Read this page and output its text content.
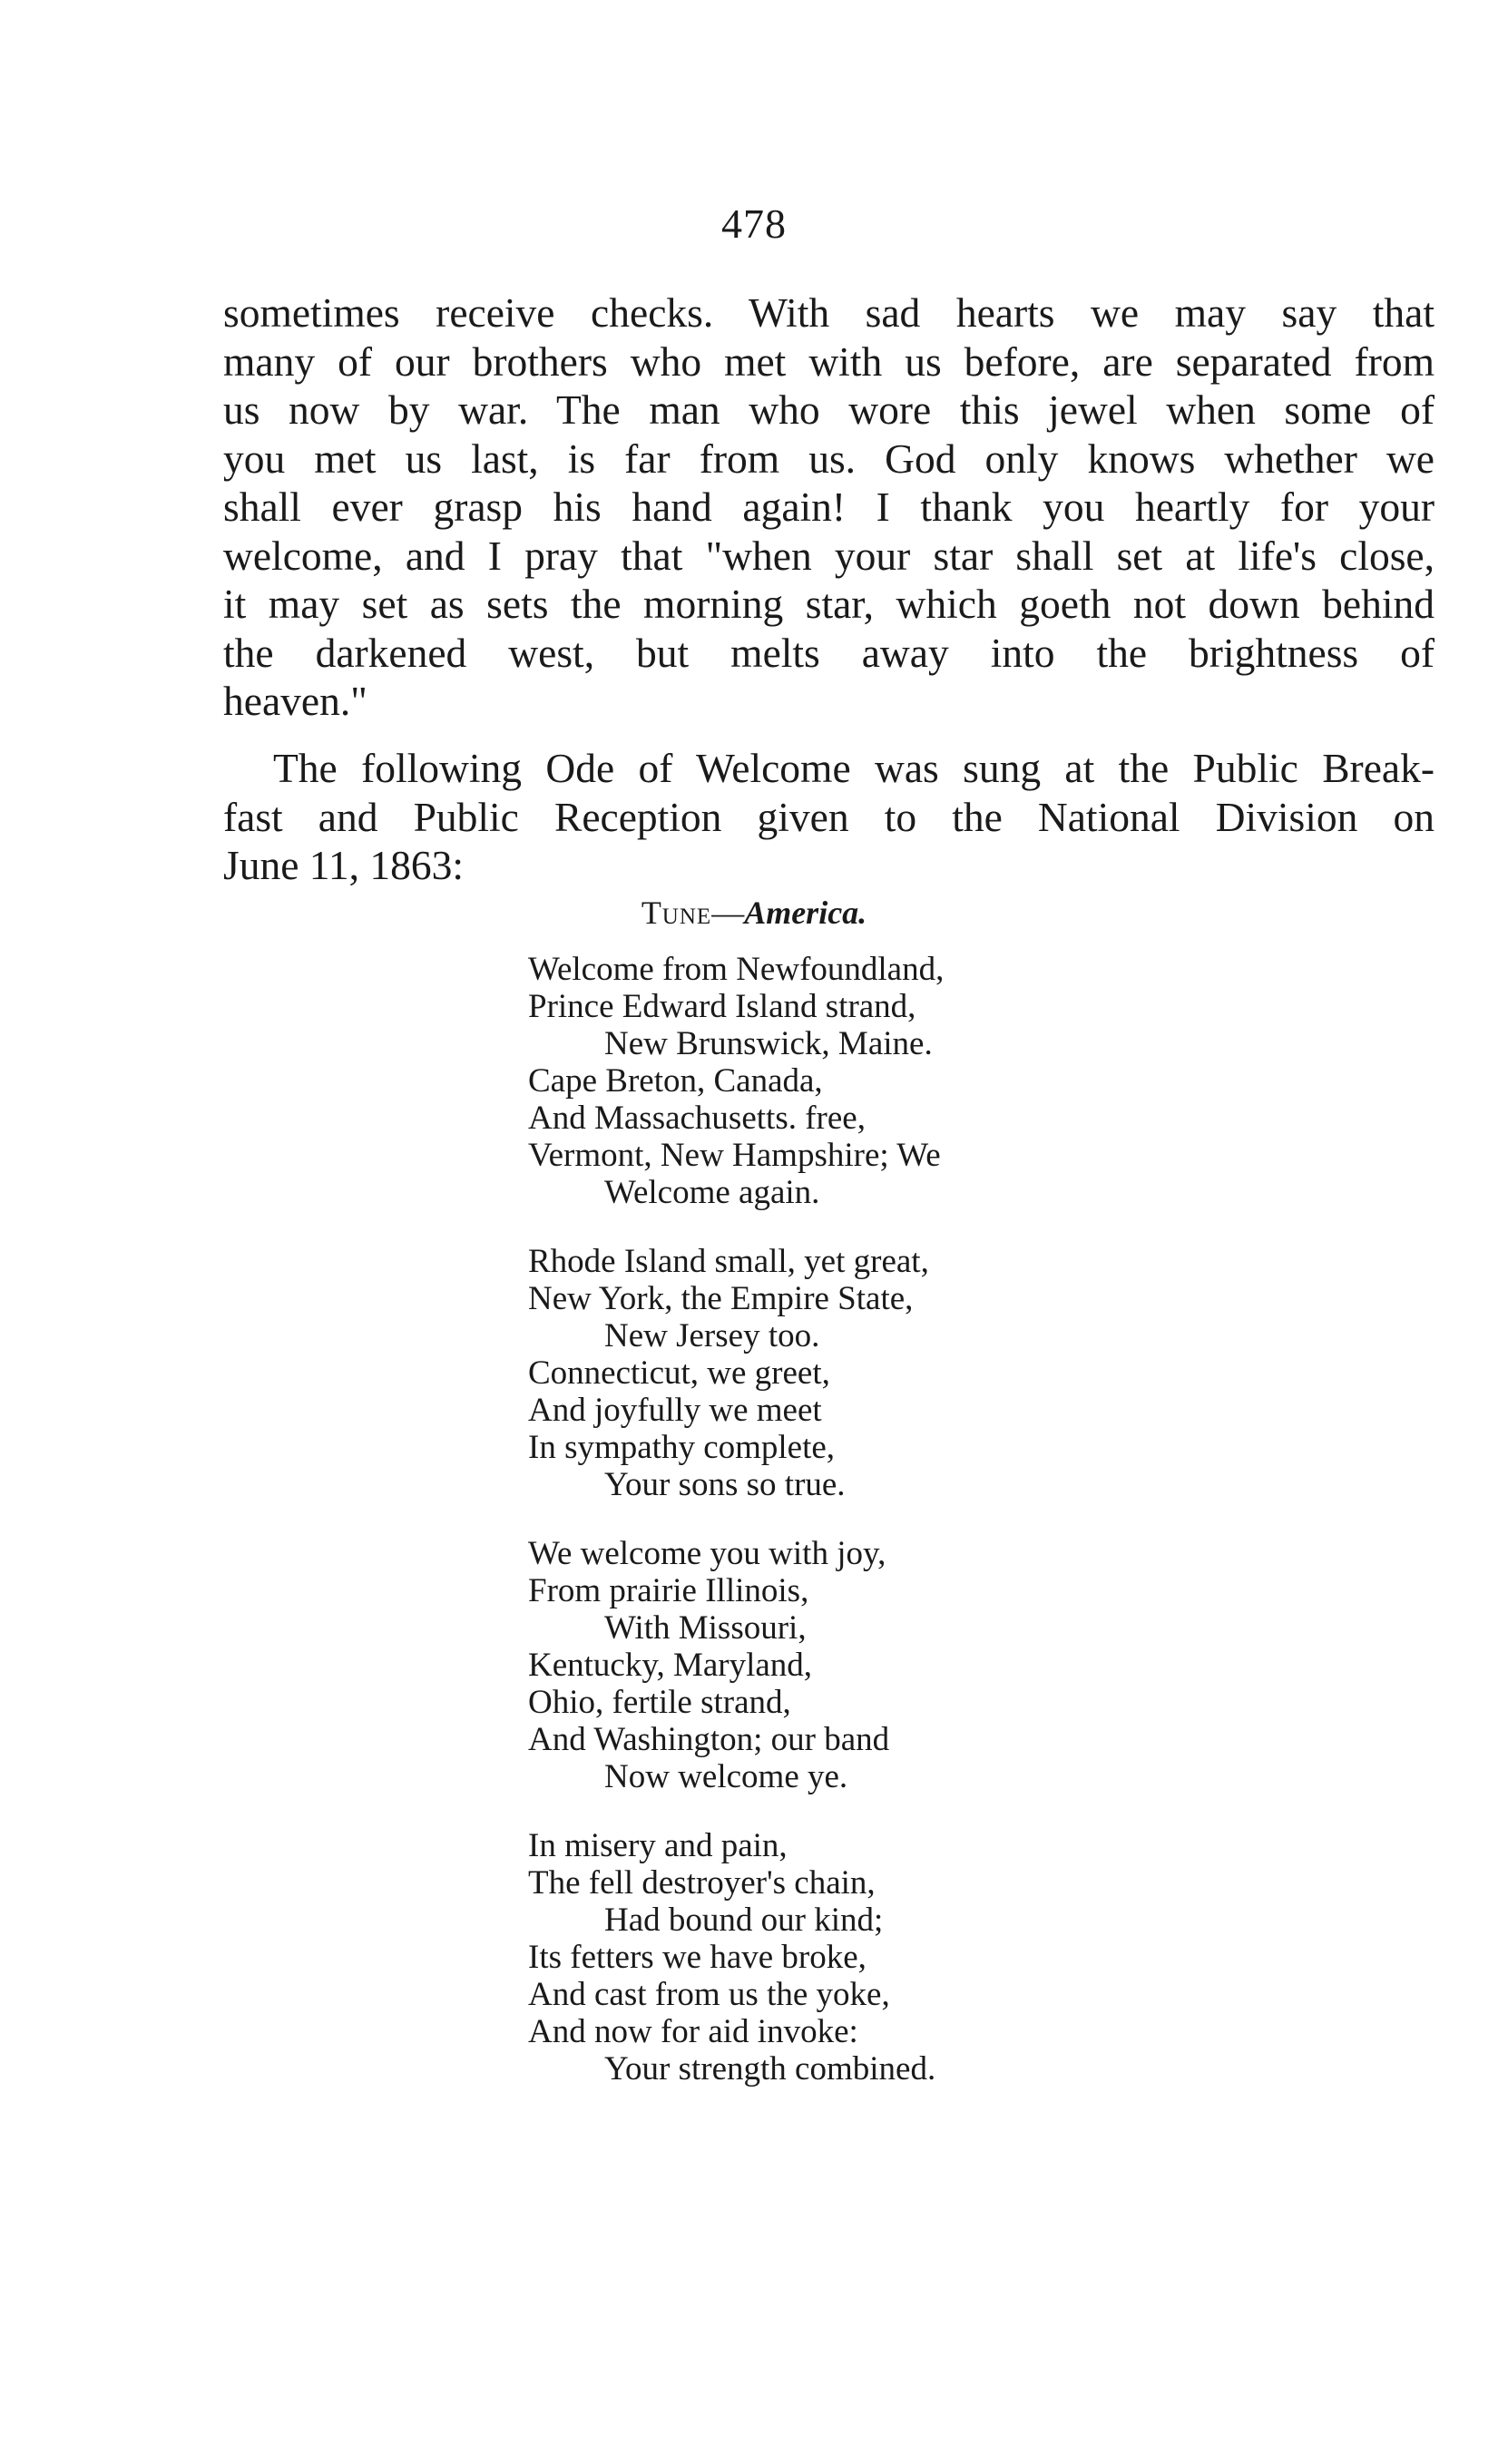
478
sometimes receive checks. With sad hearts we may say that
many of our brothers who met with us before, are separated from
us now by war. The man who wore this jewel when some of
you met us last, is far from us. God only knows whether we
shall ever grasp his hand again! I thank you heartly for your
welcome, and I pray that "when your star shall set at life's close,
it may set as sets the morning star, which goeth not down behind
the darkened west, but melts away into the brightness of
heaven."
The following Ode of Welcome was sung at the Public Break-
fast and Public Reception given to the National Division on
June 11, 1863:
Tune—America.
Welcome from Newfoundland,
Prince Edward Island strand,
New Brunswick, Maine.
Cape Breton, Canada,
And Massachusetts. free,
Vermont, New Hampshire; We
Welcome again.
Rhode Island small, yet great,
New York, the Empire State,
New Jersey too.
Connecticut, we greet,
And joyfully we meet
In sympathy complete,
Your sons so true.
We welcome you with joy,
From prairie Illinois,
With Missouri,
Kentucky, Maryland,
Ohio, fertile strand,
And Washington; our band
Now welcome ye.
In misery and pain,
The fell destroyer's chain,
Had bound our kind;
Its fetters we have broke,
And cast from us the yoke,
And now for aid invoke:
Your strength combined.
